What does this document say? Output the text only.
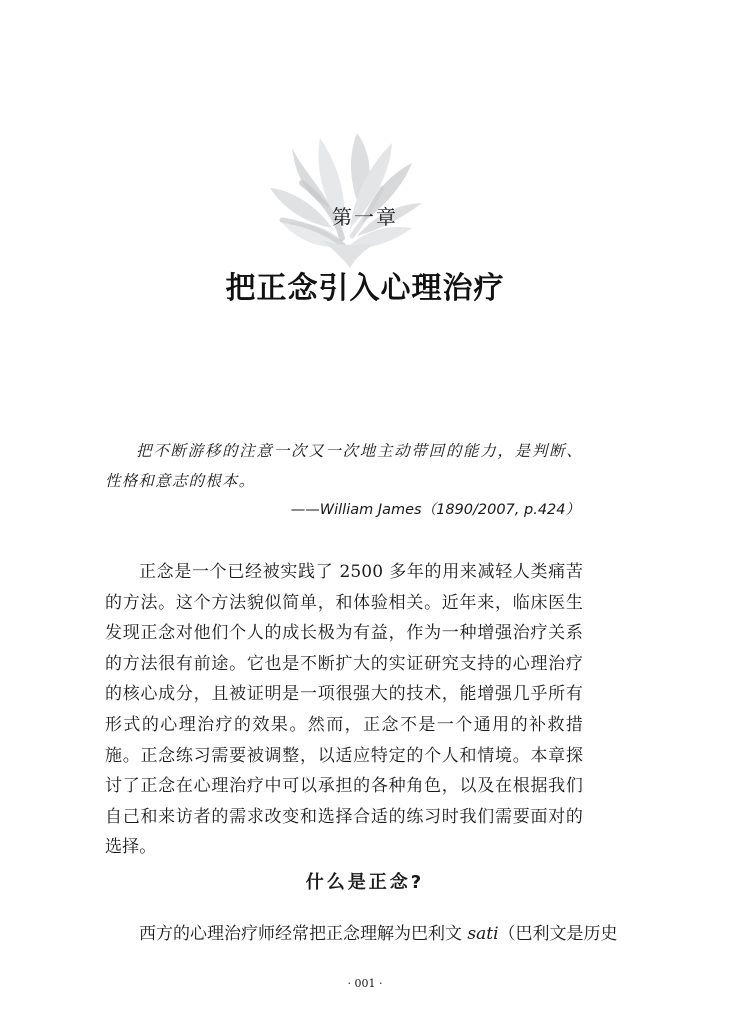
第一章
把正念引入心理治疗

把不断游移的注意一次又一次地主动带回的能力，是判断、性格和意志的根本。

——William James（1890/2007, p.424）

正念是一个已经被实践了 2500 多年的用来减轻人类痛苦的方法。这个方法貌似简单，和体验相关。近年来，临床医生发现正念对他们个人的成长极为有益，作为一种增强治疗关系的方法很有前途。它也是不断扩大的实证研究支持的心理治疗的核心成分，且被证明是一项很强大的技术，能增强几乎所有形式的心理治疗的效果。然而，正念不是一个通用的补救措施。正念练习需要被调整，以适应特定的个人和情境。本章探讨了正念在心理治疗中可以承担的各种角色，以及在根据我们自己和来访者的需求改变和选择合适的练习时我们需要面对的选择。

什么是正念?
西方的心理治疗师经常把正念理解为巴利文 sati（巴利文是历史
· 001 ·
